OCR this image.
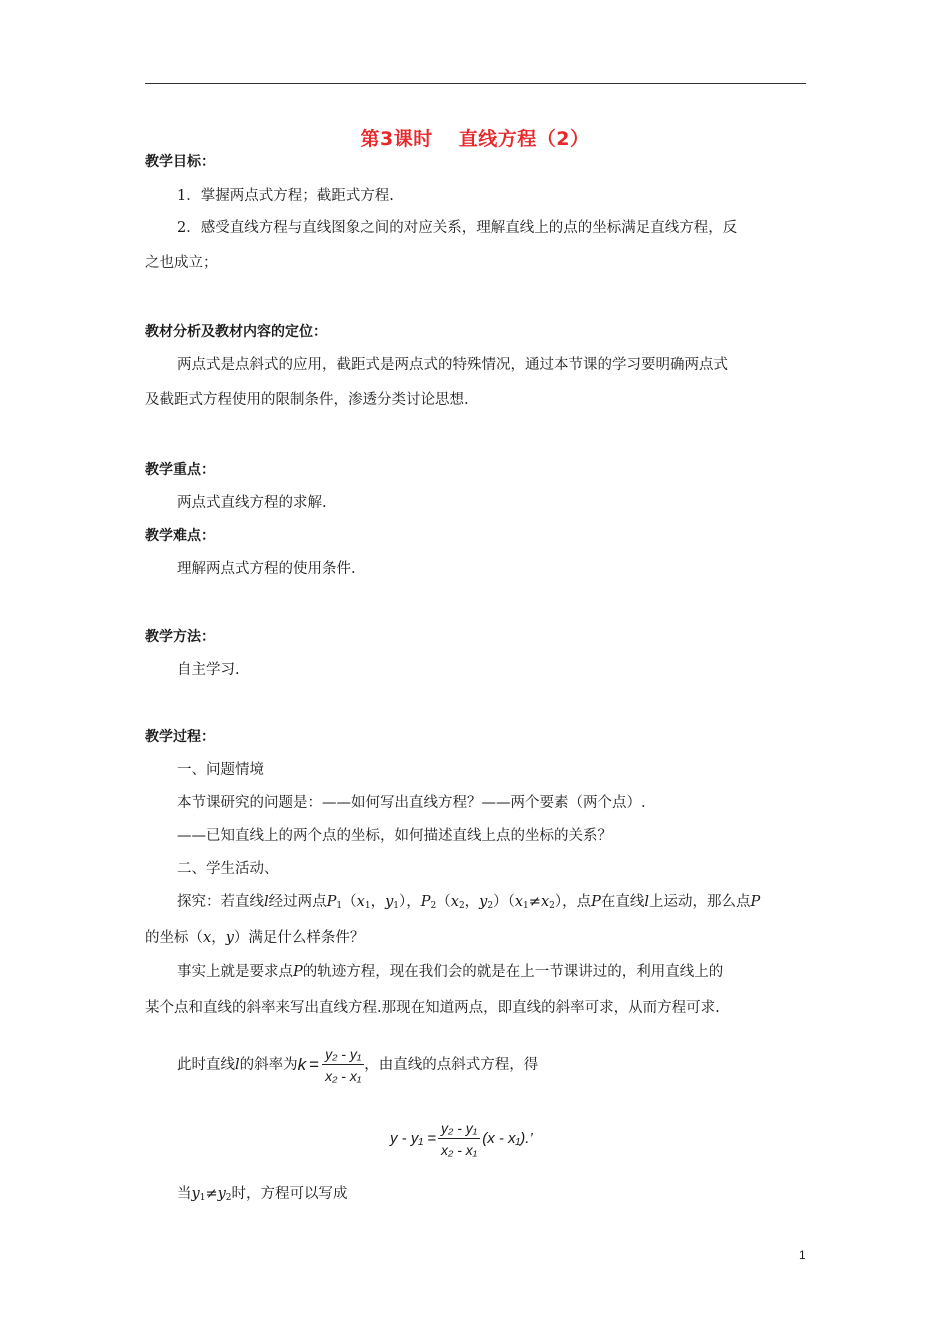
第3课时 直线方程（2）
教学目标：
1．掌握两点式方程；截距式方程.
2．感受直线方程与直线图象之间的对应关系，理解直线上的点的坐标满足直线方程，反
之也成立；
教材分析及教材内容的定位：
两点式是点斜式的应用，截距式是两点式的特殊情况，通过本节课的学习要明确两点式
及截距式方程使用的限制条件，渗透分类讨论思想.
教学重点：
两点式直线方程的求解.
教学难点：
理解两点式方程的使用条件.
教学方法：
自主学习.
教学过程：
一、问题情境
本节课研究的问题是：——如何写出直线方程？——两个要素（两个点）.
——已知直线上的两个点的坐标，如何描述直线上点的坐标的关系？
二、学生活动、
探究：若直线l经过两点$P_1(x_1$，$y_1$），$P_2(x_2$，$y_2)(x_1\ne x_2)$，点P在直线l上运动，那么点P
的坐标（x，y）满足什么样条件？
事实上就是要求点P的轨迹方程，现在我们会的就是在上一节课讲过的，利用直线上的
某个点和直线的斜率来写出直线方程.那现在知道两点，即直线的斜率可求，从而方程可求.
此时直线l的斜率为$k = \frac{\text{y₂ - y₁}}{\text{x₂ - x₁}}$ ，由直线的点斜式方程，得
$y - y_1 = \frac{\text{y₂ - y₁}}{\text{x₂ - x₁}} (x - x_1)$.’
当$y_1\ne y_2$时，方程可以写成
1
